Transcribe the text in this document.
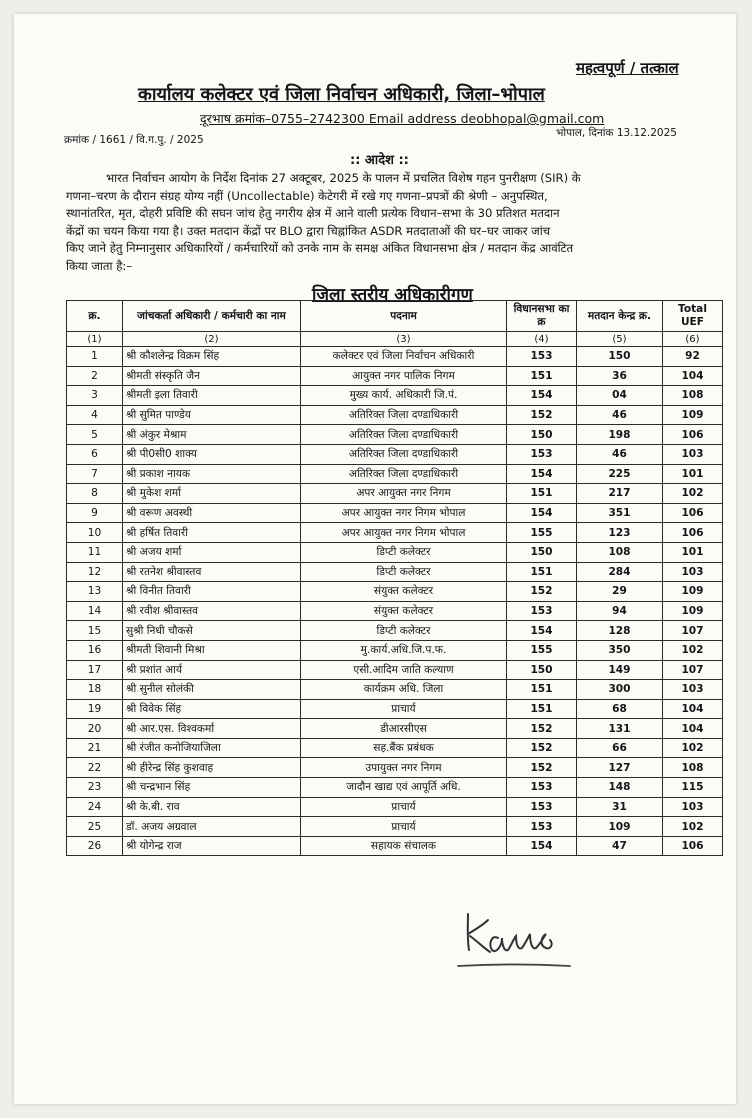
महत्वपूर्ण / तत्काल
कार्यालय कलेक्टर एवं जिला निर्वाचन अधिकारी, जिला–भोपाल
दूरभाष क्रमांक–0755–2742300 Email address deobhopal@gmail.com
क्रमांक / 1661 / वि.ग.पु. / 2025
भोपाल, दिनांक 13.12.2025
:: आदेश ::
भारत निर्वाचन आयोग के निर्देश दिनांक 27 अक्टूबर, 2025 के पालन में प्रचलित विशेष गहन पुनरीक्षण (SIR) के
गणना–चरण के दौरान संग्रह योग्य नहीं (Uncollectable) केटेगरी में रखे गए गणना–प्रपत्रों की श्रेणी – अनुपस्थित,
स्थानांतरित, मृत, दोहरी प्रविष्टि की सघन जांच हेतु नगरीय क्षेत्र में आने वाली प्रत्येक विधान–सभा के 30 प्रतिशत मतदान
केंद्रों का चयन किया गया है। उक्त मतदान केंद्रों पर BLO द्वारा चिह्नांकित ASDR मतदाताओं की घर–घर जाकर जांच
किए जाने हेतु निम्नानुसार अधिकारियों / कर्मचारियों को उनके नाम के समक्ष अंकित विधानसभा क्षेत्र / मतदान केंद्र आवंटित
किया जाता है:–
जिला स्तरीय अधिकारीगण
क्र.	जांचकर्ता अधिकारी / कर्मचारी का नाम	पदनाम	विधानसभा का क्र	मतदान केन्द्र क्र.	Total UEF
(1)	(2)	(3)	(4)	(5)	(6)
1	श्री कौशलेन्द्र विक्रम सिंह	कलेक्टर एवं जिला निर्वाचन अधिकारी	153	150	92
2	श्रीमती संस्कृति जैन	आयुक्त नगर पालिक निगम	151	36	104
3	श्रीमती इला तिवारी	मुख्य कार्य. अधिकारी जि.पं.	154	04	108
4	श्री सुमित पाण्डेय	अतिरिक्त जिला दण्डाधिकारी	152	46	109
5	श्री अंकुर मेश्राम	अतिरिक्त जिला दण्डाधिकारी	150	198	106
6	श्री पी0सी0 शाक्य	अतिरिक्त जिला दण्डाधिकारी	153	46	103
7	श्री प्रकाश नायक	अतिरिक्त जिला दण्डाधिकारी	154	225	101
8	श्री मुकेश शर्मा	अपर आयुक्त नगर निगम	151	217	102
9	श्री वरूण अवस्थी	अपर आयुक्त नगर निगम भोपाल	154	351	106
10	श्री हर्षित तिवारी	अपर आयुक्त नगर निगम भोपाल	155	123	106
11	श्री अजय शर्मा	डिप्टी कलेक्टर	150	108	101
12	श्री रतनेश श्रीवास्तव	डिप्टी कलेक्टर	151	284	103
13	श्री विनीत तिवारी	संयुक्त कलेक्टर	152	29	109
14	श्री रवीश श्रीवास्तव	संयुक्त कलेक्टर	153	94	109
15	सुश्री निधी चौकसे	डिप्टी कलेक्टर	154	128	107
16	श्रीमती शिवानी मिश्रा	मु.कार्य.अधि.जि.प.फ.	155	350	102
17	श्री प्रशांत आर्य	एसी.आदिम जाति कल्याण	150	149	107
18	श्री सुनील सोलंकी	कार्यक्रम अधि. जिला	151	300	103
19	श्री विवेक सिंह	प्राचार्य	151	68	104
20	श्री आर.एस. विश्वकर्मा	डीआरसीएस	152	131	104
21	श्री रंजीत कनोजियाजिला	सह.बैंक प्रबंधक	152	66	102
22	श्री हीरेन्द्र सिंह कुशवाह	उपायुक्त नगर निगम	152	127	108
23	श्री चन्द्रभान सिंह	जादौन खाद्य एवं आपूर्ति अधि.	153	148	115
24	श्री के.बी. राव	प्राचार्य	153	31	103
25	डॉ. अजय अग्रवाल	प्राचार्य	153	109	102
26	श्री योगेन्द्र राज	सहायक संचालक	154	47	106
